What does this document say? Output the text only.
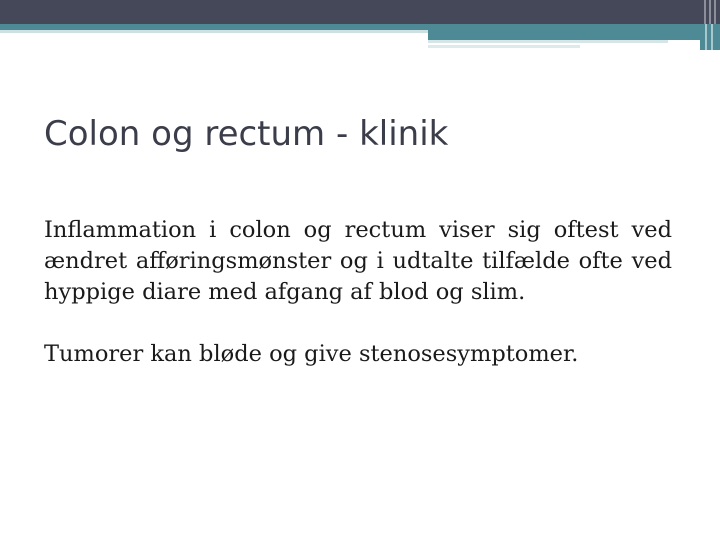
Colon og rectum - klinik

Inflammation i colon og rectum viser sig oftest ved ændret afføringsmønster og i udtalte tilfælde ofte ved hyppige diare med afgang af blod og slim.

Tumorer kan bløde og give stenosesymptomer.
